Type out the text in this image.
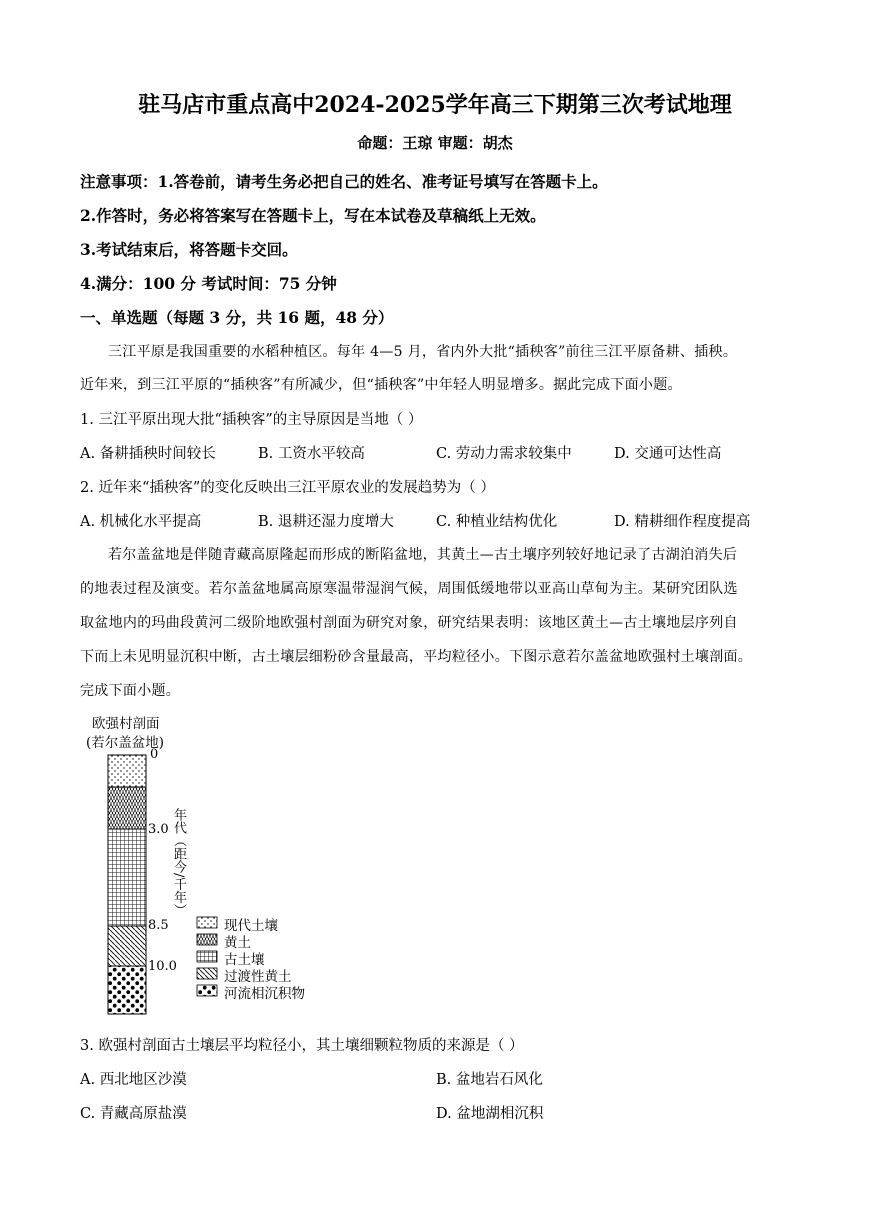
驻马店市重点高中2024-2025学年高三下期第三次考试地理
命题：王琼 审题：胡杰
注意事项：1.答卷前，请考生务必把自己的姓名、准考证号填写在答题卡上。
2.作答时，务必将答案写在答题卡上，写在本试卷及草稿纸上无效。
3.考试结束后，将答题卡交回。
4.满分：100 分 考试时间：75 分钟
一、单选题（每题 3 分，共 16 题，48 分）
三江平原是我国重要的水稻种植区。每年 4—5 月，省内外大批“插秧客”前往三江平原备耕、插秧。
近年来，到三江平原的“插秧客”有所减少，但“插秧客”中年轻人明显增多。据此完成下面小题。
1. 三江平原出现大批“插秧客”的主导原因是当地（ ）
A. 备耕插秧时间较长	B. 工资水平较高	C. 劳动力需求较集中	D. 交通可达性高
2. 近年来“插秧客”的变化反映出三江平原农业的发展趋势为（ ）
A. 机械化水平提高	B. 退耕还湿力度增大	C. 种植业结构优化	D. 精耕细作程度提高
若尔盖盆地是伴随青藏高原隆起而形成的断陷盆地，其黄土—古土壤序列较好地记录了古湖泊消失后
的地表过程及演变。若尔盖盆地属高原寒温带湿润气候，周围低缓地带以亚高山草甸为主。某研究团队选
取盆地内的玛曲段黄河二级阶地欧强村剖面为研究对象，研究结果表明：该地区黄土—古土壤地层序列自
下而上未见明显沉积中断，古土壤层细粉砂含量最高，平均粒径小。下图示意若尔盖盆地欧强村土壤剖面。
完成下面小题。
欧强村剖面
(若尔盖盆地)
0
3.0
8.5
10.0
年代（距今/千年）
现代土壤
黄土
古土壤
过渡性黄土
河流相沉积物
3. 欧强村剖面古土壤层平均粒径小，其土壤细颗粒物质的来源是（ ）
A. 西北地区沙漠	B. 盆地岩石风化
C. 青藏高原盐漠	D. 盆地湖相沉积
